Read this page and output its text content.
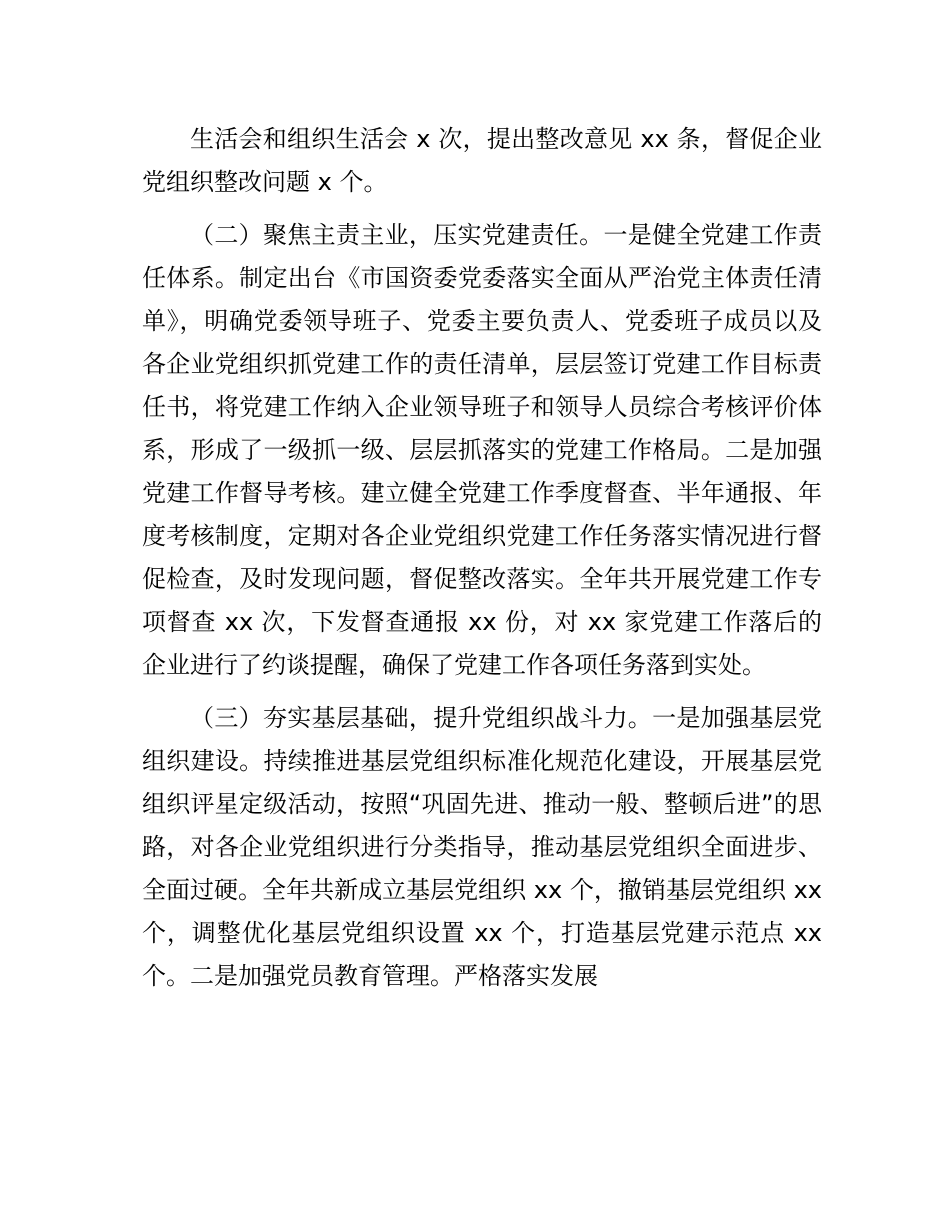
生活会和组织生活会 x 次，提出整改意见 xx 条，督促企业党组织整改问题 x 个。

（二）聚焦主责主业，压实党建责任。一是健全党建工作责任体系。制定出台《市国资委党委落实全面从严治党主体责任清单》，明确党委领导班子、党委主要负责人、党委班子成员以及各企业党组织抓党建工作的责任清单，层层签订党建工作目标责任书，将党建工作纳入企业领导班子和领导人员综合考核评价体系，形成了一级抓一级、层层抓落实的党建工作格局。二是加强党建工作督导考核。建立健全党建工作季度督查、半年通报、年度考核制度，定期对各企业党组织党建工作任务落实情况进行督促检查，及时发现问题，督促整改落实。全年共开展党建工作专项督查 xx 次，下发督查通报 xx 份，对 xx 家党建工作落后的企业进行了约谈提醒，确保了党建工作各项任务落到实处。

（三）夯实基层基础，提升党组织战斗力。一是加强基层党组织建设。持续推进基层党组织标准化规范化建设，开展基层党组织评星定级活动，按照“巩固先进、推动一般、整顿后进”的思路，对各企业党组织进行分类指导，推动基层党组织全面进步、全面过硬。全年共新成立基层党组织 xx 个，撤销基层党组织 xx 个，调整优化基层党组织设置 xx 个，打造基层党建示范点 xx 个。二是加强党员教育管理。严格落实发展
